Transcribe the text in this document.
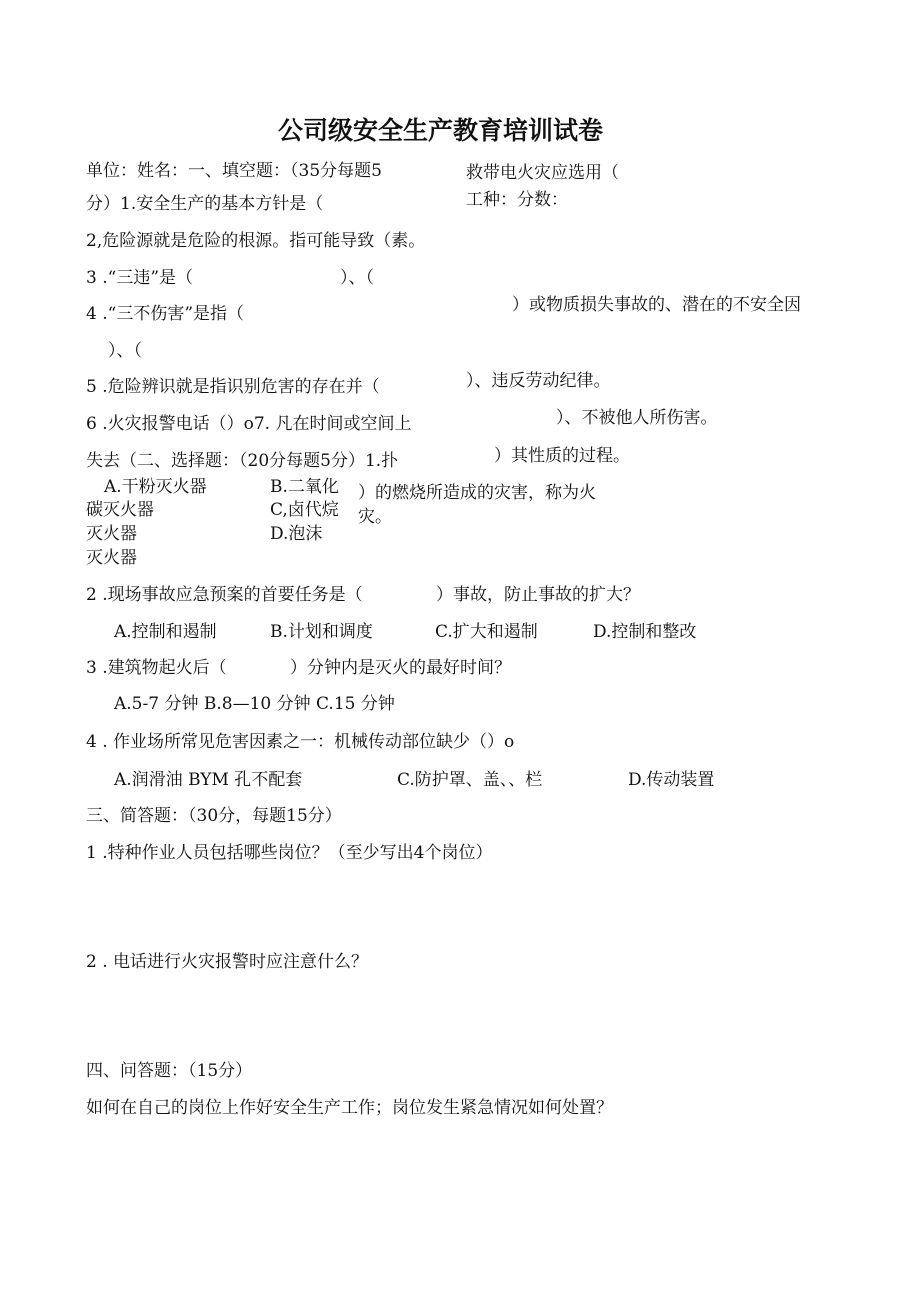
公司级安全生产教育培训试卷
单位：姓名：一、填空题：（35分每题5	救带电火灾应选用（
分）1.安全生产的基本方针是（	工种：分数：
2,危险源就是危险的根源。指可能导致（素。
3 .“三违”是（	）、（
4 .“三不伤害”是指（	）或物质损失事故的、潜在的不安全因
）、（
5 .危险辨识就是指识别危害的存在并（	）、违反劳动纪律。
6 .火灾报警电话（）o7. 凡在时间或空间上	）、不被他人所伤害。
失去（二、选择题：（20分每题5分）1.扑	）其性质的过程。
A.干粉灭火器	B.二氧化 ）的燃烧所造成的灾害，称为火
碳灭火器	C,卤代烷 灾。
灭火器	D.泡沫
灭火器
2 .现场事故应急预案的首要任务是（	）事故，防止事故的扩大？
A.控制和遏制	B.计划和调度	C.扩大和遏制	D.控制和整改
3 .建筑物起火后（	）分钟内是灭火的最好时间？
A.5-7 分钟 B.8—10 分钟 C.15 分钟
4 . 作业场所常见危害因素之一：机械传动部位缺少（）o
A.润滑油 BYM 孔不配套	C.防护罩、盖、、栏	D.传动装置
三、简答题：（30分，每题15分）
1 .特种作业人员包括哪些岗位？（至少写出4个岗位）
2 . 电话进行火灾报警时应注意什么？
四、问答题：（15分）
如何在自己的岗位上作好安全生产工作；岗位发生紧急情况如何处置？
